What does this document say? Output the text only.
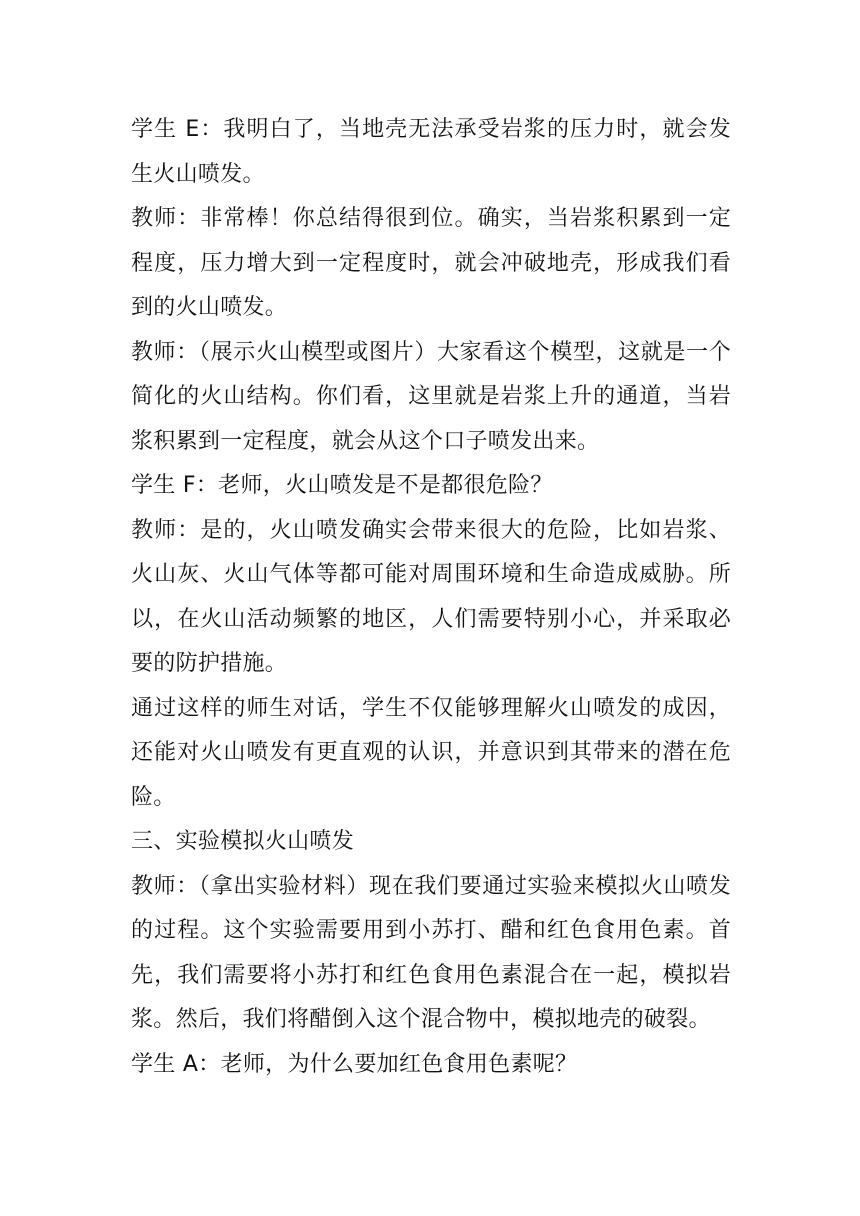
学生 E：我明白了，当地壳无法承受岩浆的压力时，就会发生火山喷发。

教师：非常棒！你总结得很到位。确实，当岩浆积累到一定程度，压力增大到一定程度时，就会冲破地壳，形成我们看到的火山喷发。

教师：（展示火山模型或图片）大家看这个模型，这就是一个简化的火山结构。你们看，这里就是岩浆上升的通道，当岩浆积累到一定程度，就会从这个口子喷发出来。

学生 F：老师，火山喷发是不是都很危险？

教师：是的，火山喷发确实会带来很大的危险，比如岩浆、火山灰、火山气体等都可能对周围环境和生命造成威胁。所以，在火山活动频繁的地区，人们需要特别小心，并采取必要的防护措施。

通过这样的师生对话，学生不仅能够理解火山喷发的成因，还能对火山喷发有更直观的认识，并意识到其带来的潜在危险。

三、实验模拟火山喷发

教师：（拿出实验材料）现在我们要通过实验来模拟火山喷发的过程。这个实验需要用到小苏打、醋和红色食用色素。首先，我们需要将小苏打和红色食用色素混合在一起，模拟岩浆。然后，我们将醋倒入这个混合物中，模拟地壳的破裂。

学生 A：老师，为什么要加红色食用色素呢？
